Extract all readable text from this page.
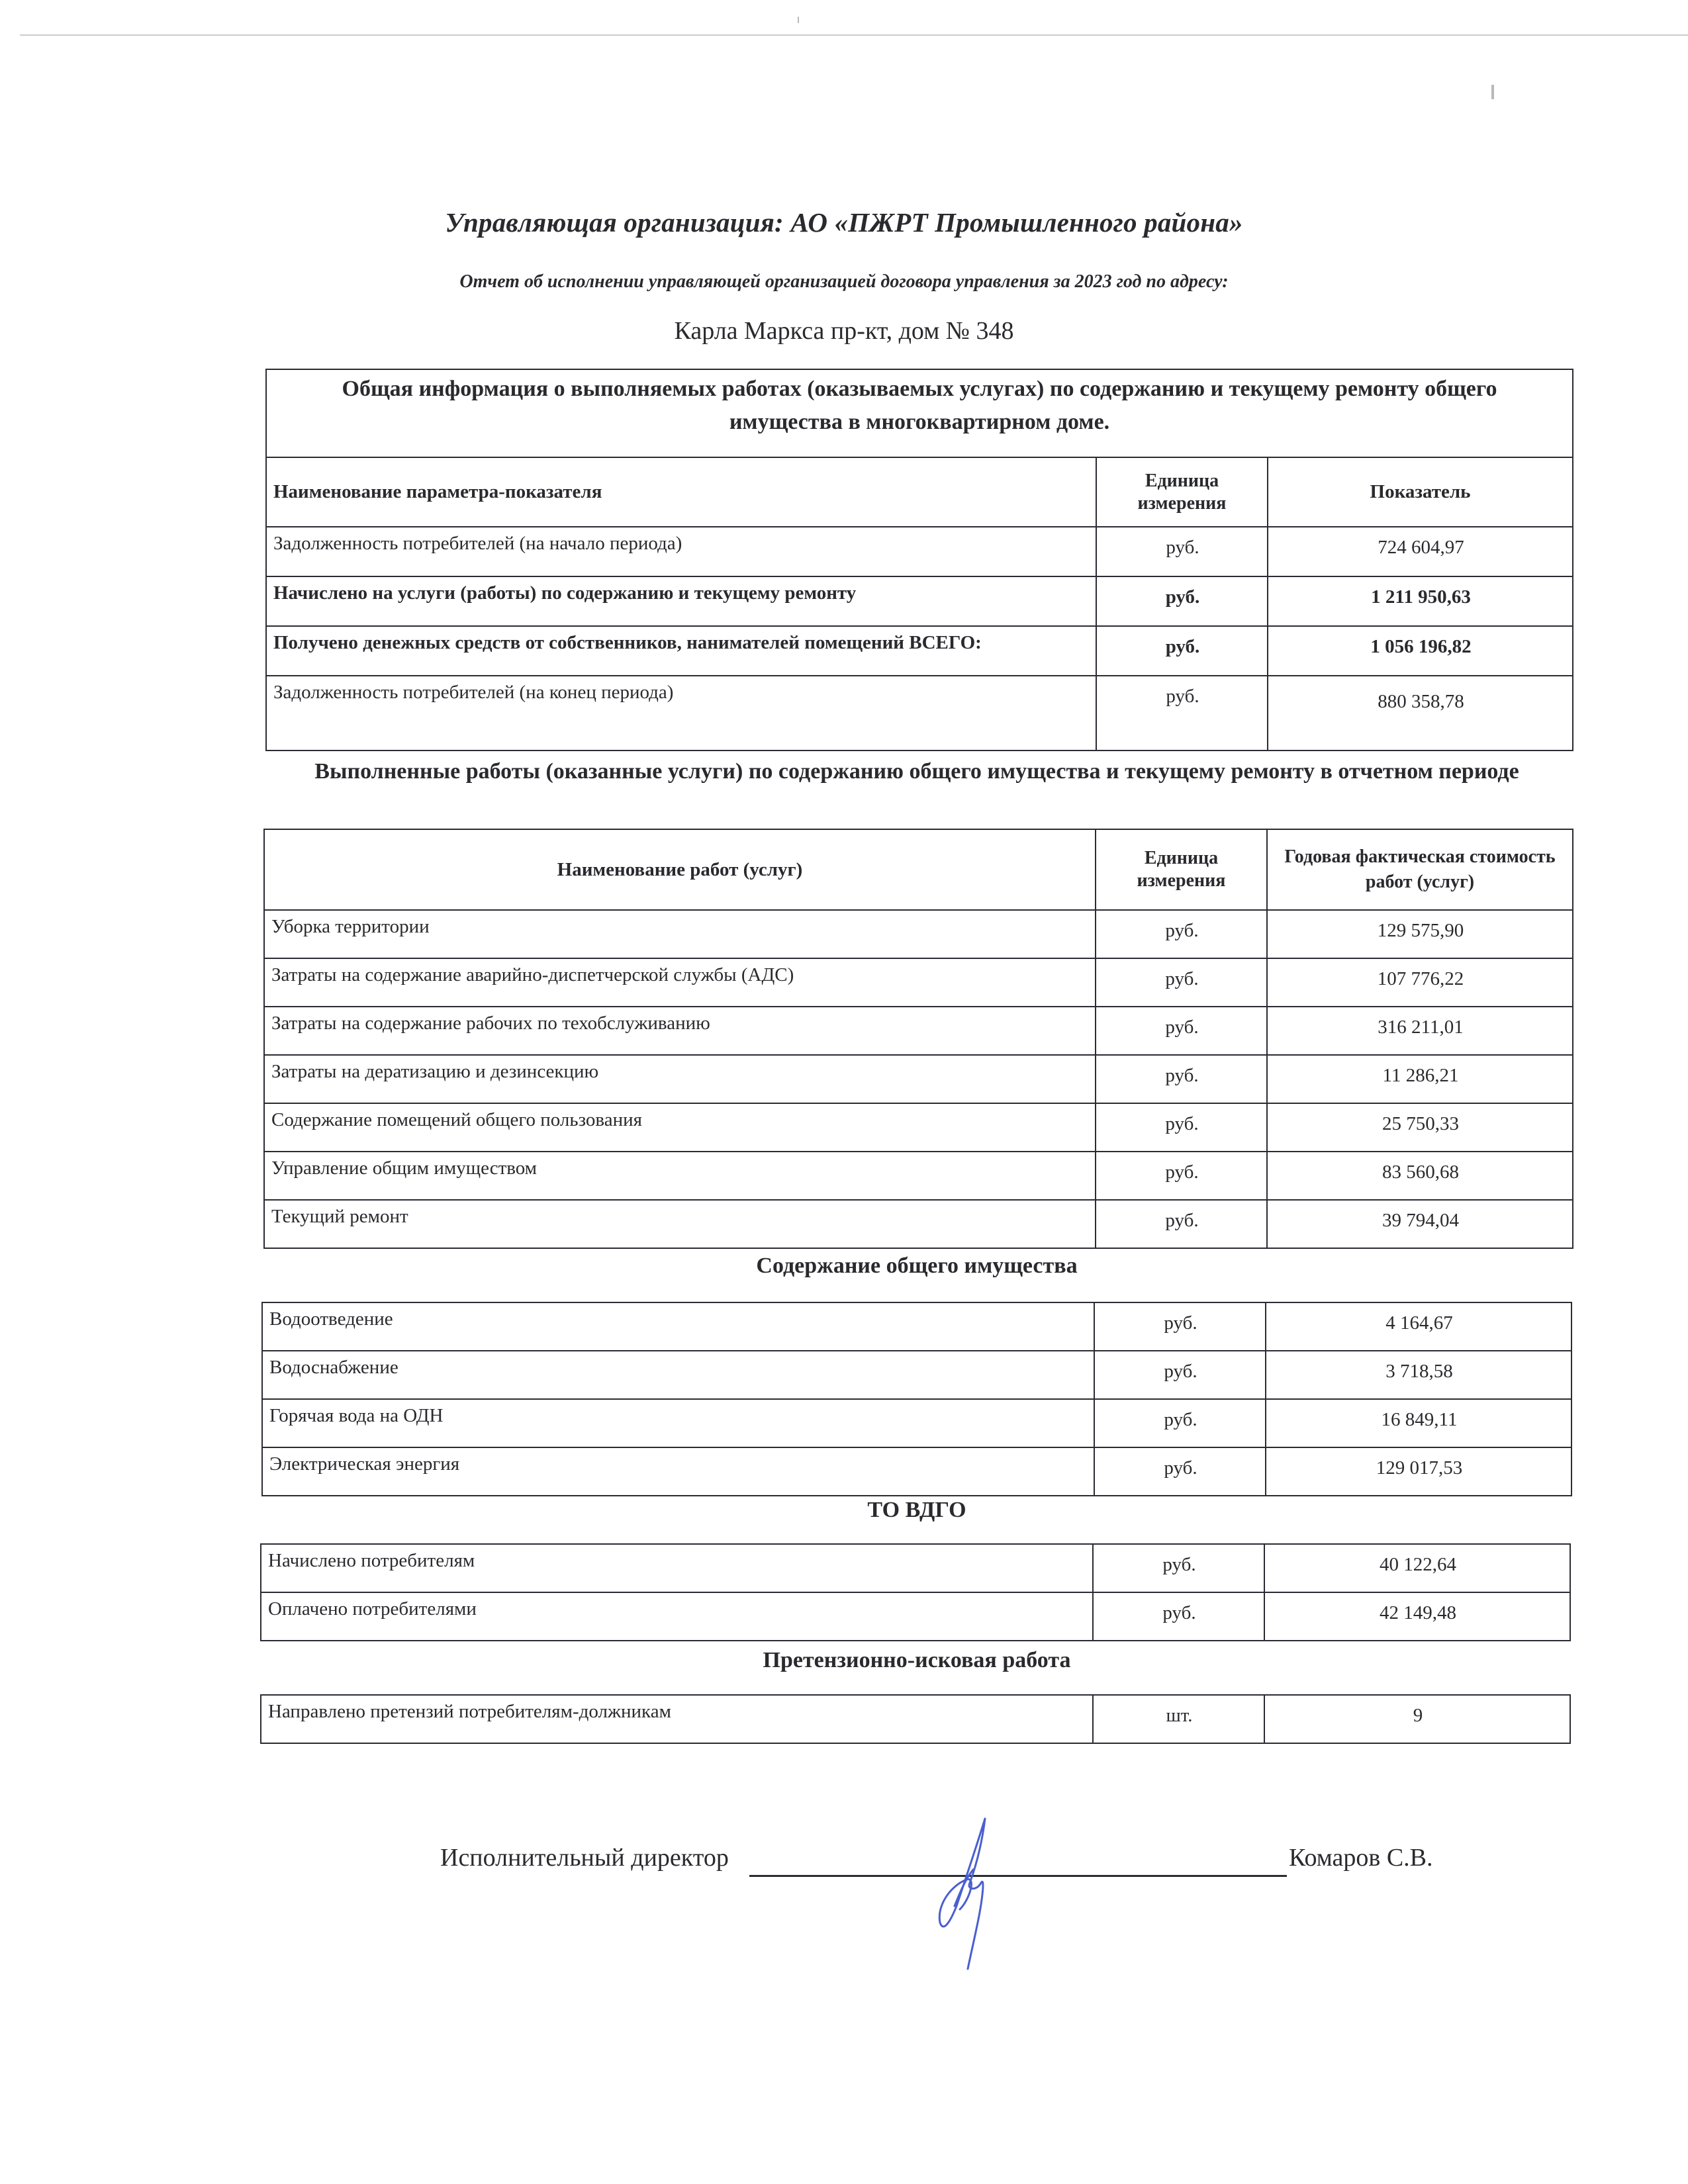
Управляющая организация: АО «ПЖРТ Промышленного района»
Отчет об исполнении управляющей организацией договора управления за 2023 год по адресу:
Карла Маркса пр-кт, дом № 348
Общая информация о выполняемых работах (оказываемых услугах) по содержанию и текущему ремонту общего имущества в многоквартирном доме.		
Наименование параметра-показателя	Единица измерения	Показатель
Задолженность потребителей (на начало периода)	руб.	724 604,97
Начислено на услуги (работы) по содержанию и текущему ремонту	руб.	1 211 950,63
Получено денежных средств от собственников, нанимателей помещений ВСЕГО:	руб.	1 056 196,82
Задолженность потребителей (на конец периода)	руб.	880 358,78
Выполненные работы (оказанные услуги) по содержанию общего имущества и текущему ремонту в отчетном периоде
Наименование работ (услуг)	Единица измерения	Годовая фактическая стоимость работ (услуг)
Уборка территории	руб.	129 575,90
Затраты на содержание аварийно-диспетчерской службы (АДС)	руб.	107 776,22
Затраты на содержание рабочих по техобслуживанию	руб.	316 211,01
Затраты на дератизацию и дезинсекцию	руб.	11 286,21
Содержание помещений общего пользования	руб.	25 750,33
Управление общим имуществом	руб.	83 560,68
Текущий ремонт	руб.	39 794,04
Содержание общего имущества
Водоотведение	руб.	4 164,67
Водоснабжение	руб.	3 718,58
Горячая вода на ОДН	руб.	16 849,11
Электрическая энергия	руб.	129 017,53
ТО ВДГО
Начислено потребителям	руб.	40 122,64
Оплачено потребителями	руб.	42 149,48
Претензионно-исковая работа
Направлено претензий потребителям-должникам	шт.	9
Исполнительный директор	Комаров С.В.
